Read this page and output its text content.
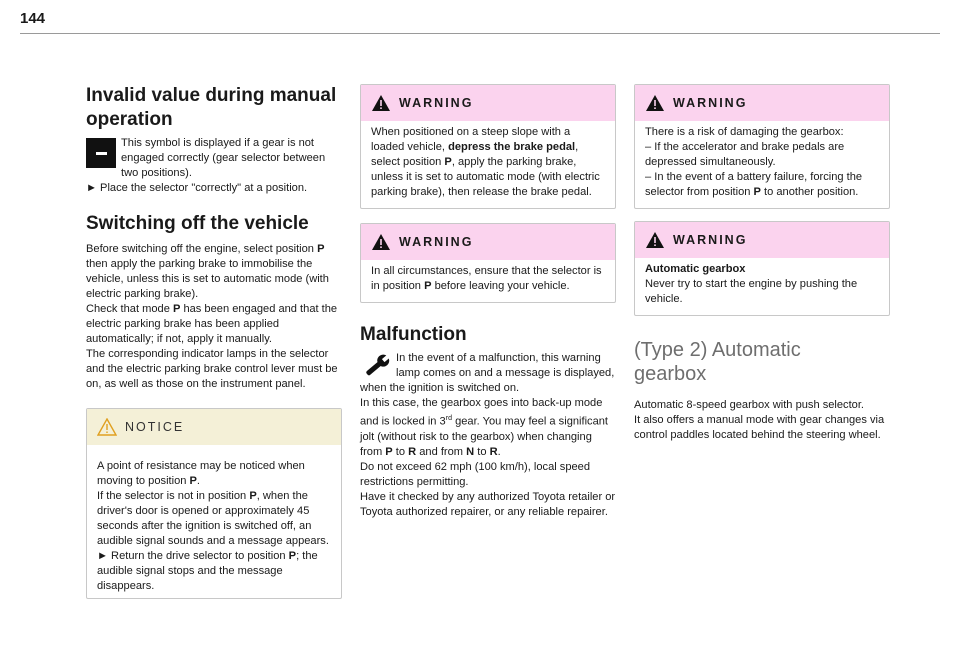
144
Invalid value during manual
operation

This symbol is displayed if a gear is not engaged correctly (gear selector between two positions).

► Place the selector "correctly" at a position.

Switching off the vehicle

Before switching off the engine, select position P then apply the parking brake to immobilise the vehicle, unless this is set to automatic mode (with electric parking brake).

Check that mode P has been engaged and that the electric parking brake has been applied automatically; if not, apply it manually.

The corresponding indicator lamps in the selector and the electric parking brake control lever must be on, as well as those on the instrument panel.

NOTICE

A point of resistance may be noticed when moving to position P.

If the selector is not in position P, when the driver's door is opened or approximately 45 seconds after the ignition is switched off, an audible signal sounds and a message appears.

► Return the drive selector to position P; the audible signal stops and the message disappears.

WARNING

When positioned on a steep slope with a loaded vehicle, depress the brake pedal, select position P, apply the parking brake, unless it is set to automatic mode (with electric parking brake), then release the brake pedal.

WARNING

In all circumstances, ensure that the selector is in position P before leaving your vehicle.

Malfunction

In the event of a malfunction, this warning lamp comes on and a message is displayed, when the ignition is switched on.

In this case, the gearbox goes into back-up mode and is locked in 3rd gear. You may feel a significant jolt (without risk to the gearbox) when changing from P to R and from N to R.

Do not exceed 62 mph (100 km/h), local speed restrictions permitting.

Have it checked by any authorized Toyota retailer or Toyota authorized repairer, or any reliable repairer.

WARNING

There is a risk of damaging the gearbox:

– If the accelerator and brake pedals are depressed simultaneously.

– In the event of a battery failure, forcing the selector from position P to another position.

WARNING

Automatic gearbox

Never try to start the engine by pushing the vehicle.

(Type 2) Automatic
gearbox

Automatic 8-speed gearbox with push selector.

It also offers a manual mode with gear changes via control paddles located behind the steering wheel.
